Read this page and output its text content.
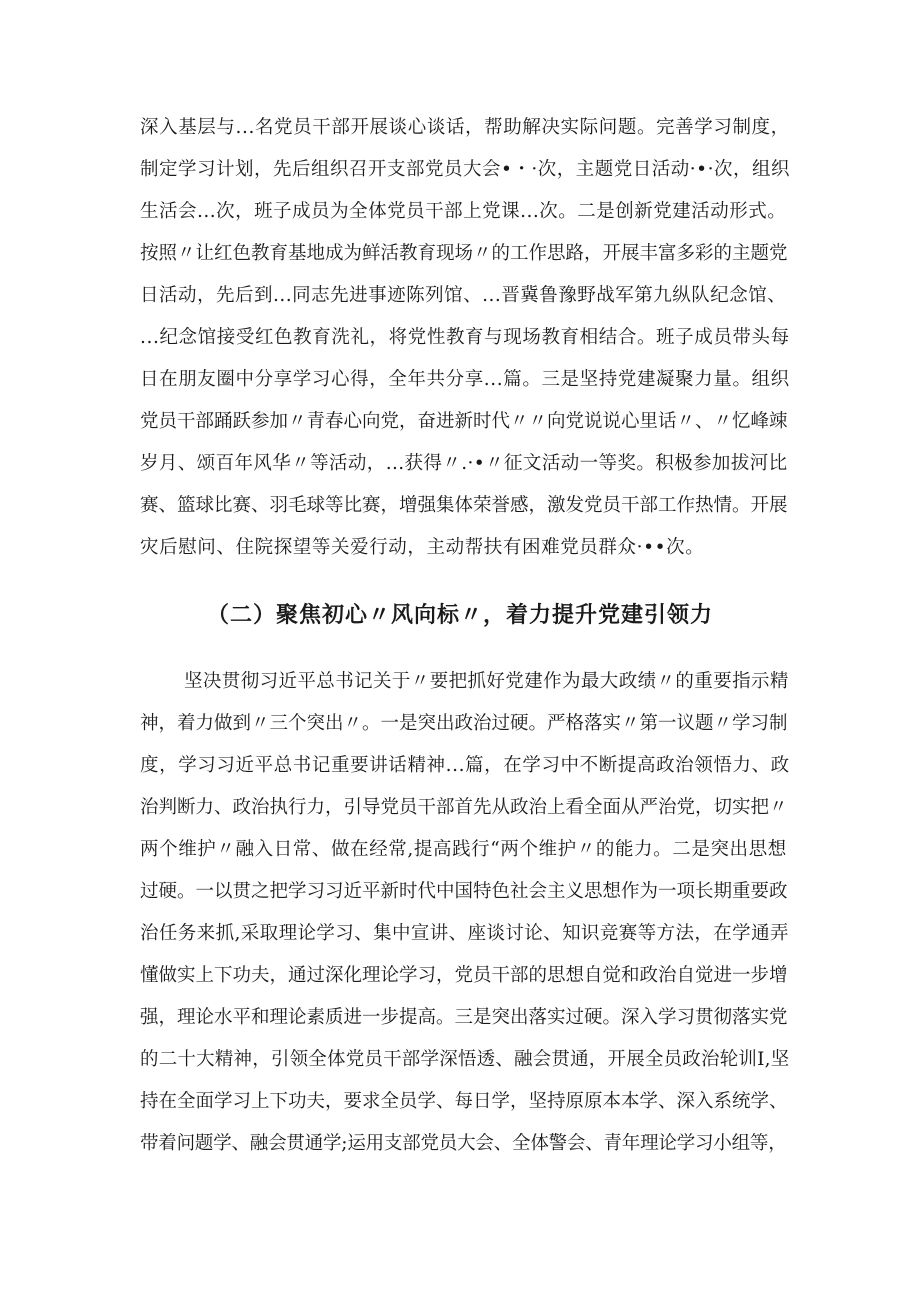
深入基层与...名党员干部开展谈心谈话，帮助解决实际问题。完善学习制度，
制定学习计划，先后组织召开支部党员大会•・·次，主题党日活动·•·次，组织
生活会...次，班子成员为全体党员干部上党课...次。二是创新党建活动形式。
按照〃让红色教育基地成为鲜活教育现场〃的工作思路，开展丰富多彩的主题党
日活动，先后到...同志先进事迹陈列馆、...晋冀鲁豫野战军第九纵队纪念馆、
...纪念馆接受红色教育洗礼，将党性教育与现场教育相结合。班子成员带头每
日在朋友圈中分享学习心得，全年共分享...篇。三是坚持党建凝聚力量。组织
党员干部踊跃参加〃青春心向党，奋进新时代〃〃向党说说心里话〃、〃忆峰竦
岁月、颂百年风华〃等活动，...获得〃.·•〃征文活动一等奖。积极参加拔河比
赛、篮球比赛、羽毛球等比赛，增强集体荣誉感，激发党员干部工作热情。开展
灾后慰问、住院探望等关爱行动，主动帮扶有困难党员群众·••次。
（二）聚焦初心〃风向标〃，着力提升党建引领力
坚决贯彻习近平总书记关于〃要把抓好党建作为最大政绩〃的重要指示精
神，着力做到〃三个突出〃。一是突出政治过硬。严格落实〃第一议题〃学习制
度，学习习近平总书记重要讲话精神...篇，在学习中不断提高政治领悟力、政
治判断力、政治执行力，引导党员干部首先从政治上看全面从严治党，切实把〃
两个维护〃融入日常、做在经常,提高践行“两个维护〃的能力。二是突出思想
过硬。一以贯之把学习习近平新时代中国特色社会主义思想作为一项长期重要政
治任务来抓,采取理论学习、集中宣讲、座谈讨论、知识竞赛等方法，在学通弄
懂做实上下功夫，通过深化理论学习，党员干部的思想自觉和政治自觉进一步增
强，理论水平和理论素质进一步提高。三是突出落实过硬。深入学习贯彻落实党
的二十大精神，引领全体党员干部学深悟透、融会贯通，开展全员政治轮训I,坚
持在全面学习上下功夫，要求全员学、每日学，坚持原原本本学、深入系统学、
带着问题学、融会贯通学;运用支部党员大会、全体警会、青年理论学习小组等，
